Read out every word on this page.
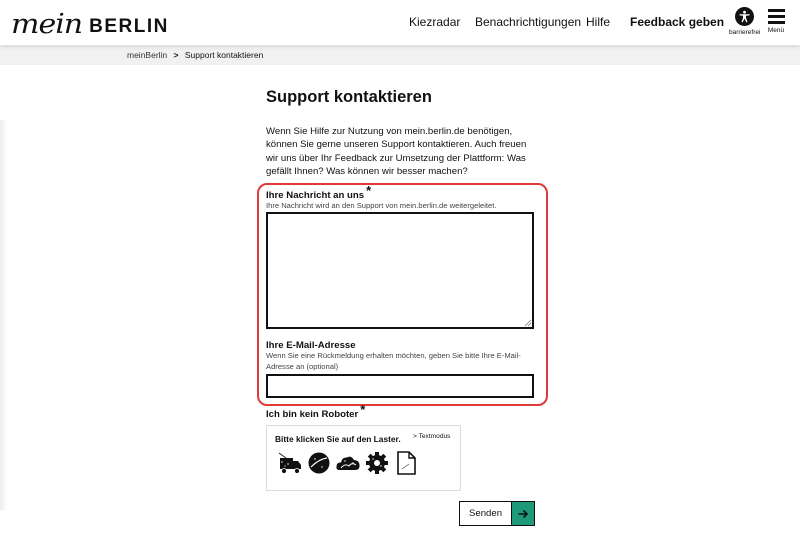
mein BERLIN	Kiezradar Benachrichtigungen Hilfe Feedback geben
barrierefrei Menü
meinBerlin > Support kontaktieren
Support kontaktieren

Wenn Sie Hilfe zur Nutzung von mein.berlin.de benötigen, können Sie gerne unseren Support kontaktieren. Auch freuen wir uns über Ihr Feedback zur Umsetzung der Plattform: Was gefällt Ihnen? Was können wir besser machen?

Ihre Nachricht an uns *
Ihre Nachricht wird an den Support von mein.berlin.de weitergeleitet.
Ihre E-Mail-Adresse
Wenn Sie eine Rückmeldung erhalten möchten, geben Sie bitte Ihre E-Mail-Adresse an (optional)
Ich bin kein Roboter *
Bitte klicken Sie auf den Laster. > Textmodus
Senden
